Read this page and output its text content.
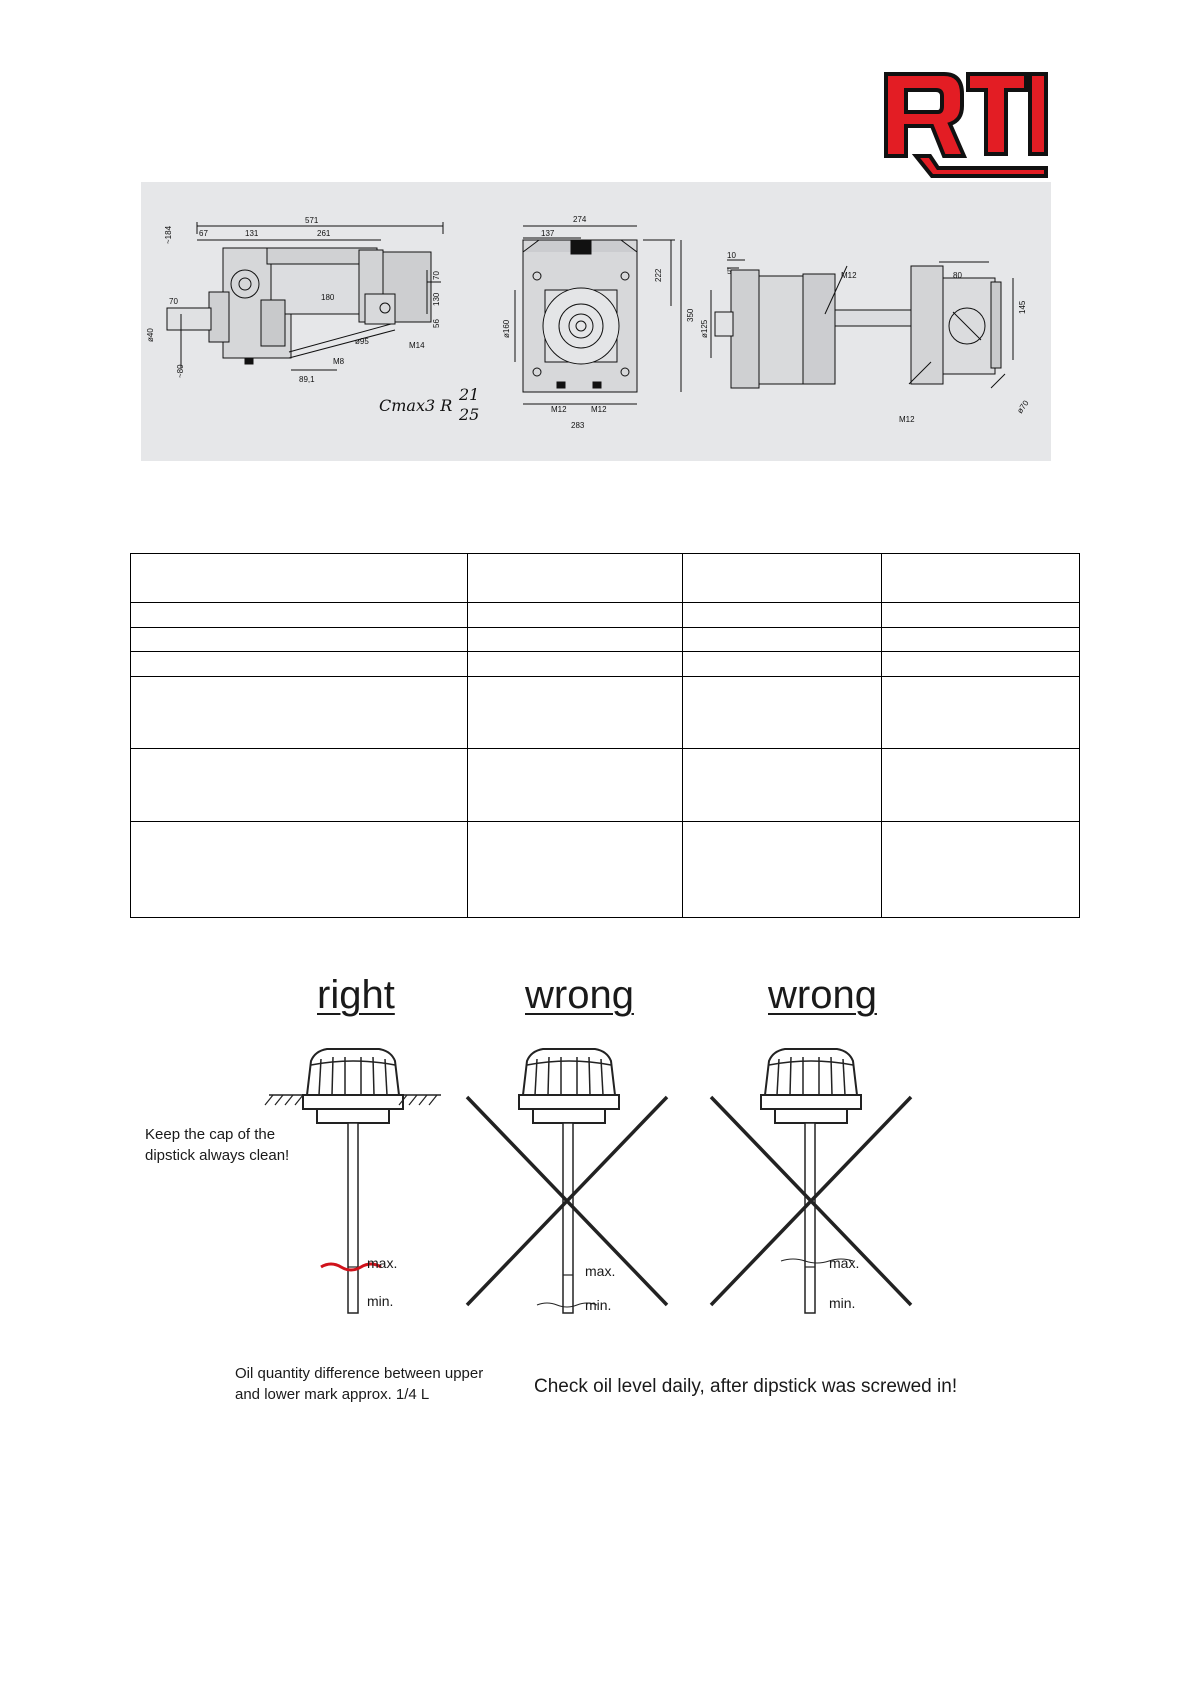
571
67	131	261
~184
70	180
70
130
56
ø40
~80
ø95
M8
89,1
M14
274
137
222
350
ø160
M12	M12
283
10
5	M12	80
145
ø125
M12
ø70
Cmax3 R
21
25

right	wrong	wrong
Keep the cap of the dipstick always clean!
max.
min.
max.
min.
max.
min.
Oil quantity difference between upper and lower mark approx. 1/4 L	Check oil level daily, after dipstick was screwed in!
